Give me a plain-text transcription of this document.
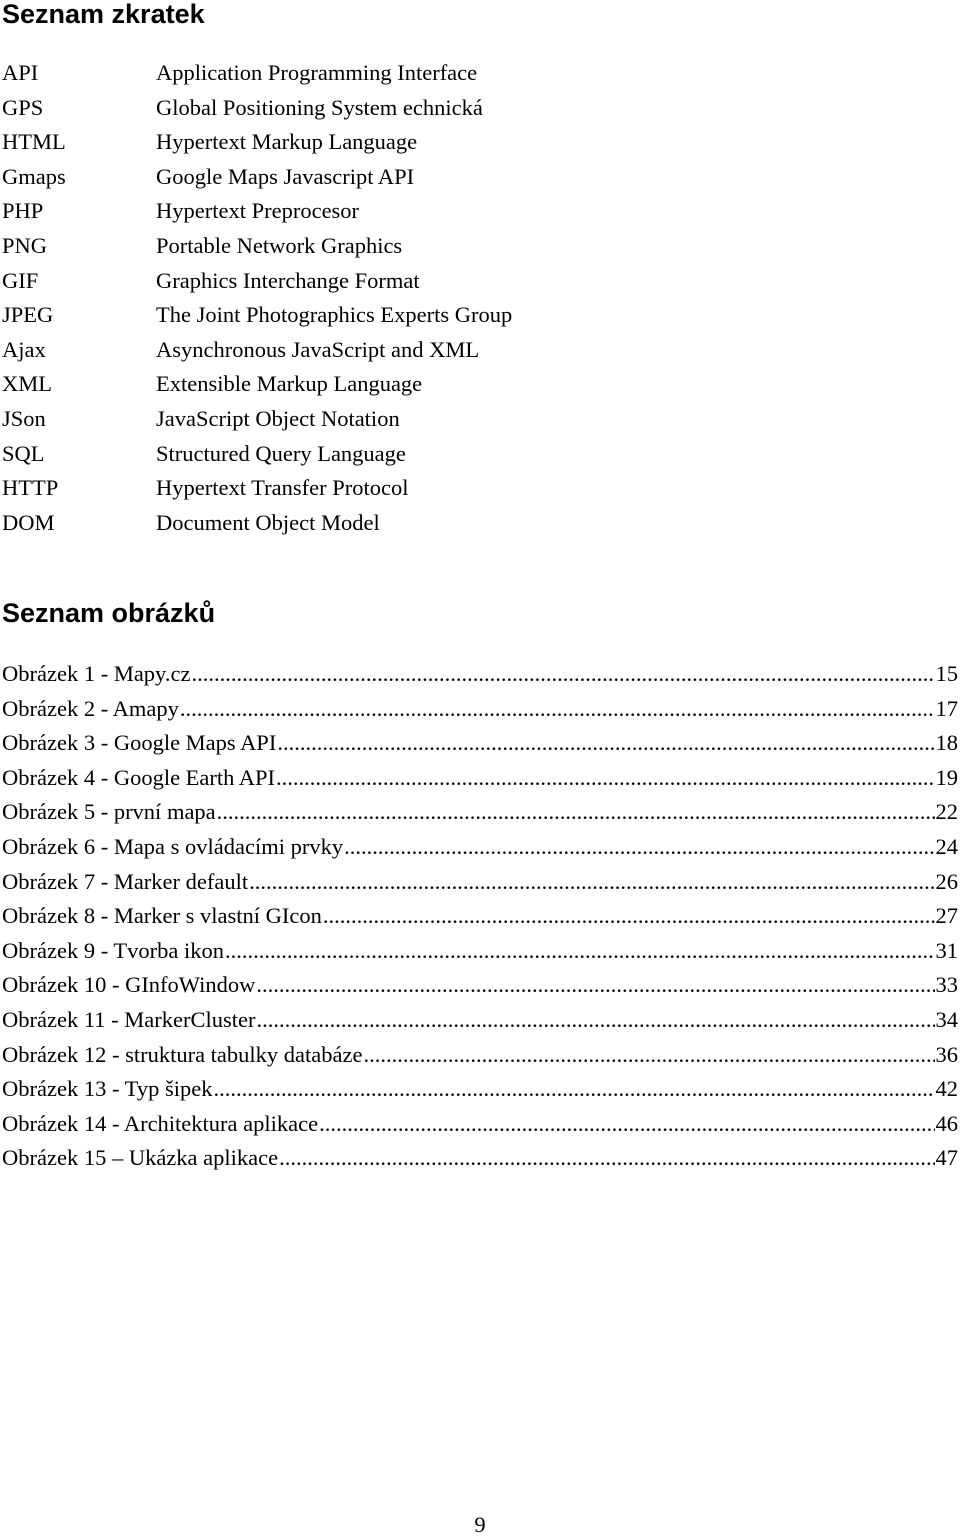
Seznam zkratek
API	Application Programming Interface
GPS	Global Positioning System echnická
HTML	Hypertext Markup Language
Gmaps	Google Maps Javascript API
PHP	Hypertext Preprocesor
PNG	Portable Network Graphics
GIF	Graphics Interchange Format
JPEG	The Joint Photographics Experts Group
Ajax	Asynchronous JavaScript and XML
XML	Extensible Markup Language
JSon	JavaScript Object Notation
SQL	Structured Query Language
HTTP	Hypertext Transfer Protocol
DOM	Document Object Model
Seznam obrázků
Obrázek 1 - Mapy.cz .....	15
Obrázek 2 - Amapy .....	17
Obrázek 3 - Google Maps API .....	18
Obrázek 4 - Google Earth API .....	19
Obrázek 5 - první mapa .....	22
Obrázek 6 - Mapa s ovládacími prvky .....	24
Obrázek 7 - Marker default .....	26
Obrázek 8 - Marker s vlastní GIcon .....	27
Obrázek 9 - Tvorba ikon .....	31
Obrázek 10 - GInfoWindow .....	33
Obrázek 11 - MarkerCluster .....	34
Obrázek 12 - struktura tabulky databáze .....	36
Obrázek 13 - Typ šipek .....	42
Obrázek 14 - Architektura aplikace .....	46
Obrázek 15 – Ukázka aplikace .....	47
9
